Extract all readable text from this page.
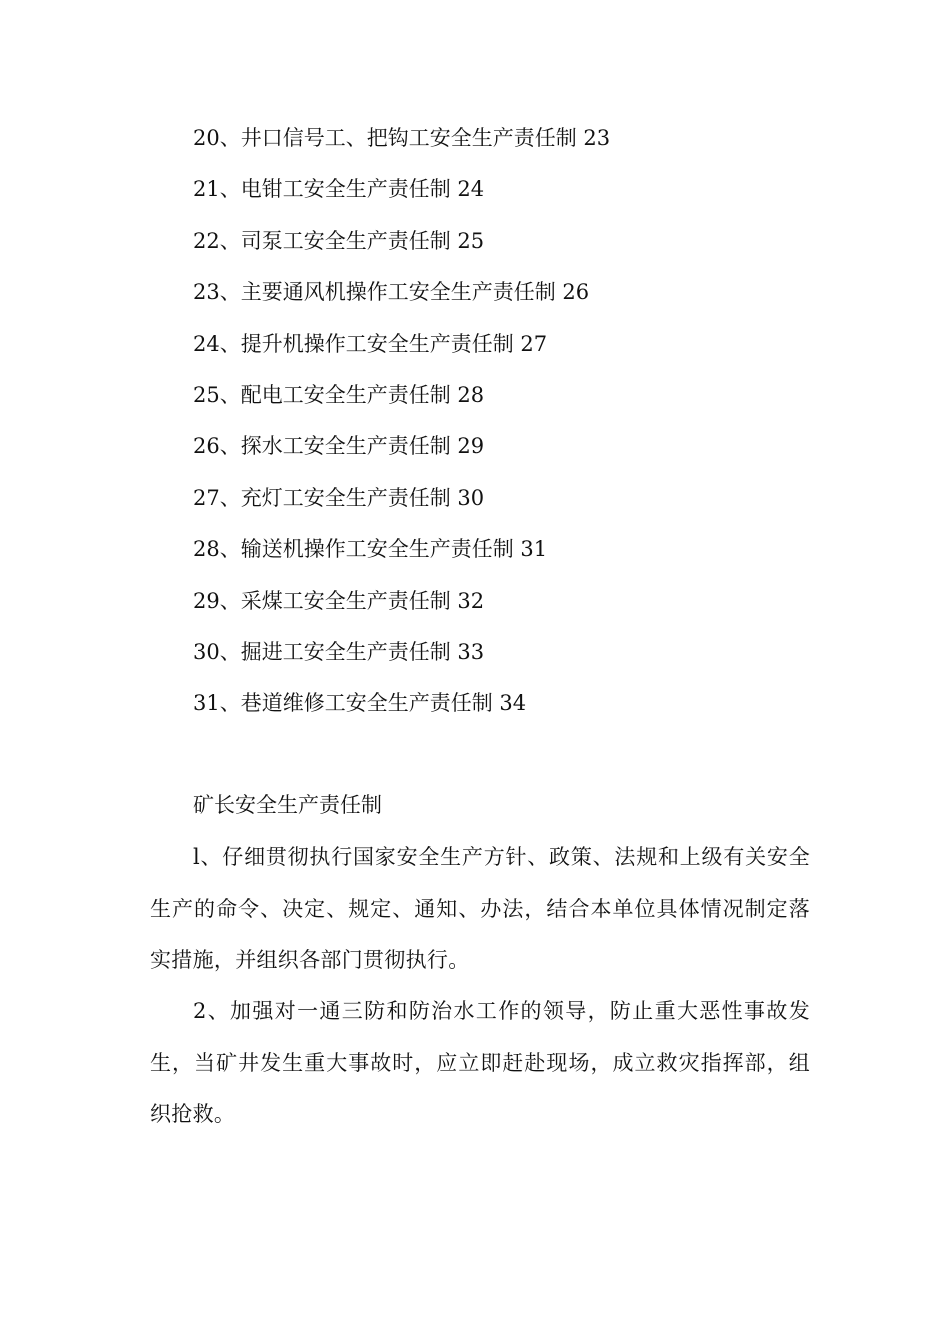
20、井口信号工、把钩工安全生产责任制 23
21、电钳工安全生产责任制 24
22、司泵工安全生产责任制 25
23、主要通风机操作工安全生产责任制 26
24、提升机操作工安全生产责任制 27
25、配电工安全生产责任制 28
26、探水工安全生产责任制 29
27、充灯工安全生产责任制 30
28、输送机操作工安全生产责任制 31
29、采煤工安全生产责任制 32
30、掘进工安全生产责任制 33
31、巷道维修工安全生产责任制 34
矿长安全生产责任制

l、仔细贯彻执行国家安全生产方针、政策、法规和上级有关安全生产的命令、决定、规定、通知、办法，结合本单位具体情况制定落实措施，并组织各部门贯彻执行。

2、加强对一通三防和防治水工作的领导，防止重大恶性事故发生，当矿井发生重大事故时，应立即赶赴现场，成立救灾指挥部，组织抢救。
